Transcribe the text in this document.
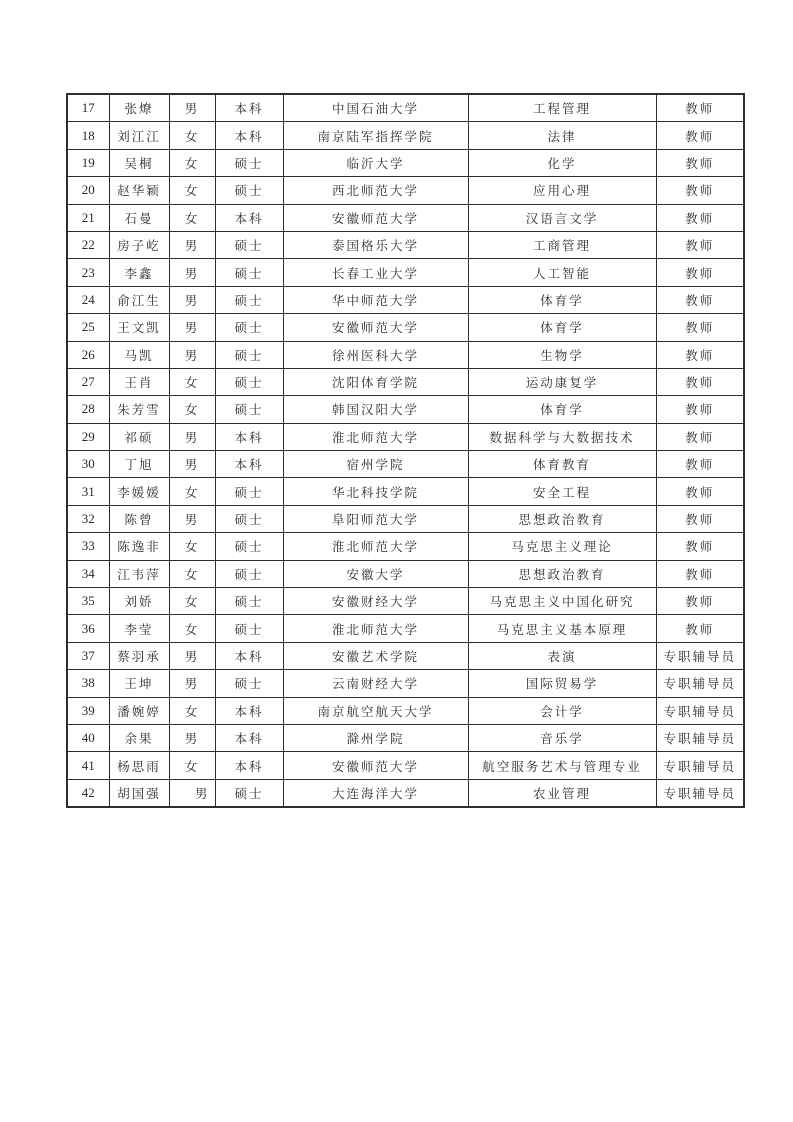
17	张燎	男	本科	中国石油大学	工程管理	教师
18	刘江江	女	本科	南京陆军指挥学院	法律	教师
19	吴桐	女	硕士	临沂大学	化学	教师
20	赵华颖	女	硕士	西北师范大学	应用心理	教师
21	石曼	女	本科	安徽师范大学	汉语言文学	教师
22	房子屹	男	硕士	泰国格乐大学	工商管理	教师
23	李鑫	男	硕士	长春工业大学	人工智能	教师
24	俞江生	男	硕士	华中师范大学	体育学	教师
25	王文凯	男	硕士	安徽师范大学	体育学	教师
26	马凯	男	硕士	徐州医科大学	生物学	教师
27	王肖	女	硕士	沈阳体育学院	运动康复学	教师
28	朱芳雪	女	硕士	韩国汉阳大学	体育学	教师
29	祁硕	男	本科	淮北师范大学	数据科学与大数据技术	教师
30	丁旭	男	本科	宿州学院	体育教育	教师
31	李媛媛	女	硕士	华北科技学院	安全工程	教师
32	陈曾	男	硕士	阜阳师范大学	思想政治教育	教师
33	陈逸非	女	硕士	淮北师范大学	马克思主义理论	教师
34	江韦萍	女	硕士	安徽大学	思想政治教育	教师
35	刘娇	女	硕士	安徽财经大学	马克思主义中国化研究	教师
36	李莹	女	硕士	淮北师范大学	马克思主义基本原理	教师
37	蔡羽承	男	本科	安徽艺术学院	表演	专职辅导员
38	王坤	男	硕士	云南财经大学	国际贸易学	专职辅导员
39	潘婉婷	女	本科	南京航空航天大学	会计学	专职辅导员
40	余果	男	本科	滁州学院	音乐学	专职辅导员
41	杨思雨	女	本科	安徽师范大学	航空服务艺术与管理专业	专职辅导员
42	胡国强	男	硕士	大连海洋大学	农业管理	专职辅导员
